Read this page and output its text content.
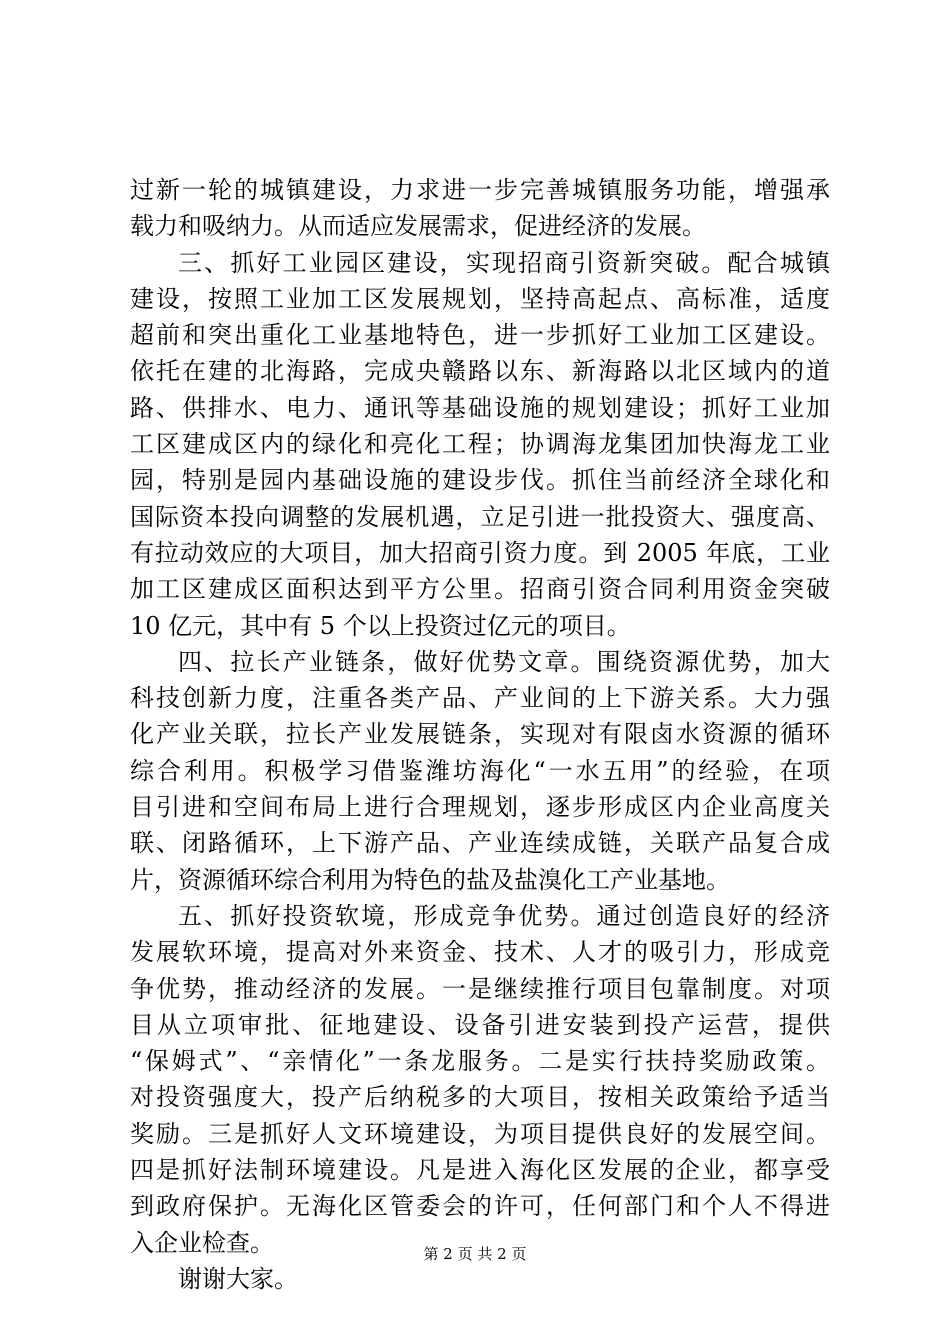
过新一轮的城镇建设，力求进一步完善城镇服务功能，增强承
载力和吸纳力。从而适应发展需求，促进经济的发展。
三、抓好工业园区建设，实现招商引资新突破。配合城镇
建设，按照工业加工区发展规划，坚持高起点、高标准，适度
超前和突出重化工业基地特色，进一步抓好工业加工区建设。
依托在建的北海路，完成央赣路以东、新海路以北区域内的道
路、供排水、电力、通讯等基础设施的规划建设；抓好工业加
工区建成区内的绿化和亮化工程；协调海龙集团加快海龙工业
园，特别是园内基础设施的建设步伐。抓住当前经济全球化和
国际资本投向调整的发展机遇，立足引进一批投资大、强度高、
有拉动效应的大项目，加大招商引资力度。到 2005 年底，工业
加工区建成区面积达到平方公里。招商引资合同利用资金突破
10 亿元，其中有 5 个以上投资过亿元的项目。
四、拉长产业链条，做好优势文章。围绕资源优势，加大
科技创新力度，注重各类产品、产业间的上下游关系。大力强
化产业关联，拉长产业发展链条，实现对有限卤水资源的循环
综合利用。积极学习借鉴潍坊海化“一水五用”的经验，在项
目引进和空间布局上进行合理规划，逐步形成区内企业高度关
联、闭路循环，上下游产品、产业连续成链，关联产品复合成
片，资源循环综合利用为特色的盐及盐溴化工产业基地。
五、抓好投资软境，形成竞争优势。通过创造良好的经济
发展软环境，提高对外来资金、技术、人才的吸引力，形成竞
争优势，推动经济的发展。一是继续推行项目包靠制度。对项
目从立项审批、征地建设、设备引进安装到投产运营，提供
“保姆式”、“亲情化”一条龙服务。二是实行扶持奖励政策。
对投资强度大，投产后纳税多的大项目，按相关政策给予适当
奖励。三是抓好人文环境建设，为项目提供良好的发展空间。
四是抓好法制环境建设。凡是进入海化区发展的企业，都享受
到政府保护。无海化区管委会的许可，任何部门和个人不得进
入企业检查。
谢谢大家。
第 2 页 共 2 页
